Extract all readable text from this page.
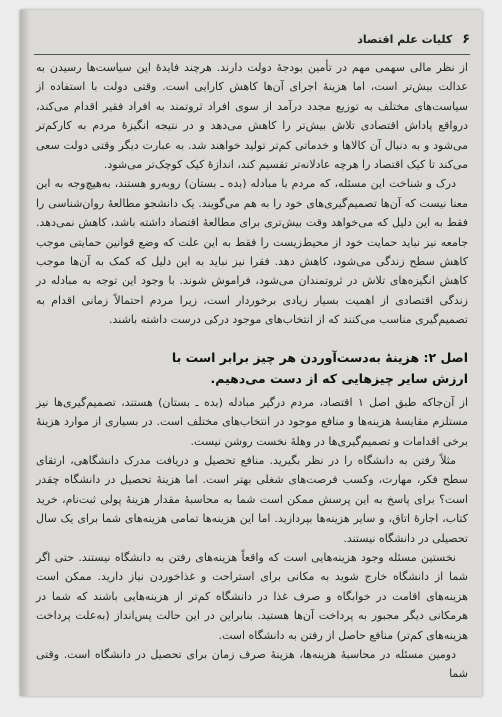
۶ کلیات علم اقتصاد

از نظر مالی سهمی مهم در تأمین بودجهٔ دولت دارند. هرچند فایدهٔ این سیاست‌ها رسیدن به عدالت بیش‌تر است، اما هزینهٔ اجرای آن‌ها کاهش کارایی است. وقتی دولت با استفاده از سیاست‌های مختلف به توزیع مجدد درآمد از سوی افراد ثروتمند به افراد فقیر اقدام می‌کند، درواقع پاداش اقتصادی تلاش بیش‌تر را کاهش می‌دهد و در نتیجه انگیزهٔ مردم به کارکم‌تر می‌شود و به دنبال آن کالاها و خدماتی کم‌تر تولید خواهند شد. به عبارت دیگر وقتی دولت سعی می‌کند تا کیک اقتصاد را هرچه عادلانه‌تر تقسیم کند، اندازهٔ کیک کوچک‌تر می‌شود.

درک و شناخت این مسئله، که مردم با مبادله (بده ـ بستان) روبه‌رو هستند، به‌هیچ‌وجه به این معنا نیست که آن‌ها تصمیم‌گیری‌های خود را به هم می‌گویند. یک دانشجو مطالعهٔ روان‌شناسی را فقط به این دلیل که می‌خواهد وقت بیش‌تری برای مطالعهٔ اقتصاد داشته باشد، کاهش نمی‌دهد. جامعه نیز نباید حمایت خود از محیط‌زیست را فقط به این علت که وضع قوانین حمایتی موجب کاهش سطح زندگی می‌شود، کاهش دهد. فقرا نیز نباید به این دلیل که کمک به آن‌ها موجب کاهش انگیزه‌های تلاش در ثروتمندان می‌شود، فراموش شوند. با وجود این توجه به مبادله در زندگی اقتصادی از اهمیت بسیار زیادی برخوردار است، زیرا مردم احتمالاً زمانی اقدام به تصمیم‌گیری مناسب می‌کنند که از انتخاب‌های موجود درکی درست داشته باشند.

اصل ۲: هزینهٔ به‌دست‌آوردن هر چیز برابر است با
ارزش سایر چیزهایی که از دست می‌دهیم.

از آن‌جاکه طبق اصل ۱ اقتصاد، مردم درگیر مبادله (بده ـ بستان) هستند، تصمیم‌گیری‌ها نیز مستلزم مقایسهٔ هزینه‌ها و منافع موجود در انتخاب‌های مختلف است. در بسیاری از موارد هزینهٔ برخی اقدامات و تصمیم‌گیری‌ها در وهلهٔ نخست روشن نیست.

مثلاً رفتن به دانشگاه را در نظر بگیرید. منافع تحصیل و دریافت مدرک دانشگاهی، ارتقای سطح فکر، مهارت، وکسب فرصت‌های شغلی بهتر است. اما هزینهٔ تحصیل در دانشگاه چقدر است؟ برای پاسخ به این پرسش ممکن است شما به محاسبهٔ مقدار هزینهٔ پولی ثبت‌نام، خرید کتاب، اجارهٔ اتاق، و سایر هزینه‌ها بپردازید. اما این هزینه‌ها تمامی هزینه‌های شما برای یک سال تحصیلی در دانشگاه نیستند.

نخستین مسئله وجود هزینه‌هایی است که واقعاً هزینه‌های رفتن به دانشگاه نیستند. حتی اگر شما از دانشگاه خارج شوید به مکانی برای استراحت و غذاخوردن نیاز دارید. ممکن است هزینه‌های اقامت در خوابگاه و صرف غذا در دانشگاه کم‌تر از هزینه‌هایی باشند که شما در هرمکانی دیگر مجبور به پرداخت آن‌ها هستید. بنابراین در این حالت پس‌انداز (به‌علت پرداخت هزینه‌های کم‌تر) منافع حاصل از رفتن به دانشگاه است.

دومین مسئله در محاسبهٔ هزینه‌ها، هزینهٔ صرف زمان برای تحصیل در دانشگاه است. وقتی شما
